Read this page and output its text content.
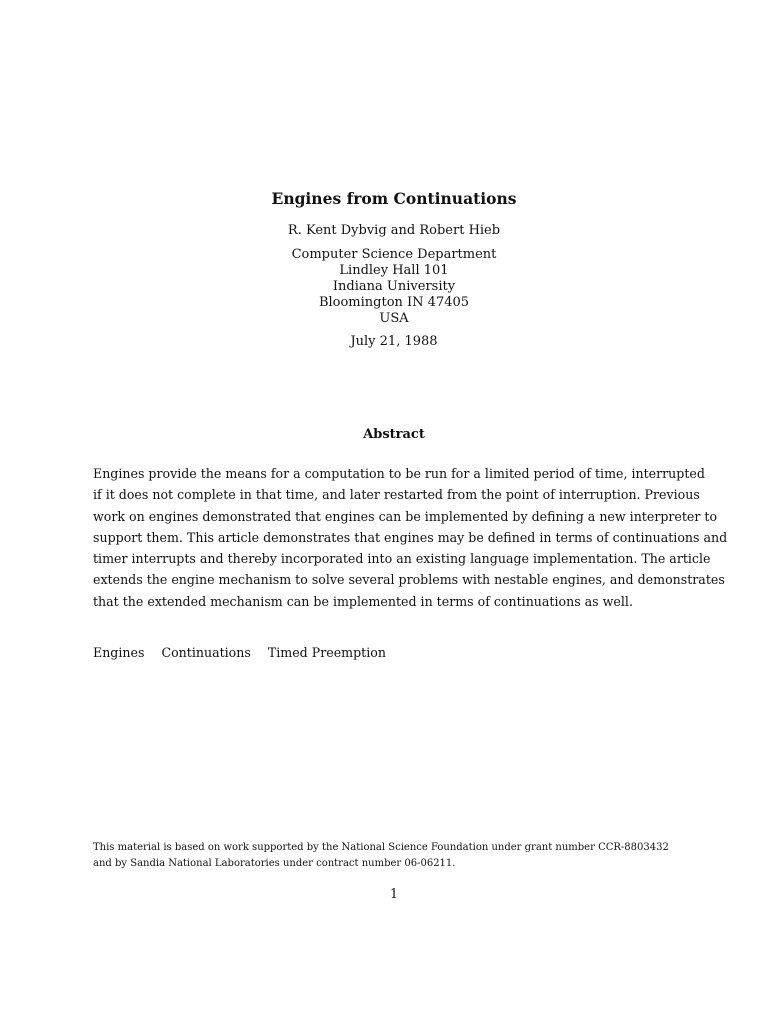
Engines from Continuations
R. Kent Dybvig and Robert Hieb
Computer Science Department
Lindley Hall 101
Indiana University
Bloomington IN 47405
USA
July 21, 1988
Abstract
Engines provide the means for a computation to be run for a limited period of time, interrupted
if it does not complete in that time, and later restarted from the point of interruption. Previous
work on engines demonstrated that engines can be implemented by defining a new interpreter to
support them. This article demonstrates that engines may be defined in terms of continuations and
timer interrupts and thereby incorporated into an existing language implementation. The article
extends the engine mechanism to solve several problems with nestable engines, and demonstrates
that the extended mechanism can be implemented in terms of continuations as well.
Engines Continuations Timed Preemption
This material is based on work supported by the National Science Foundation under grant number CCR-8803432
and by Sandia National Laboratories under contract number 06-06211.
1
